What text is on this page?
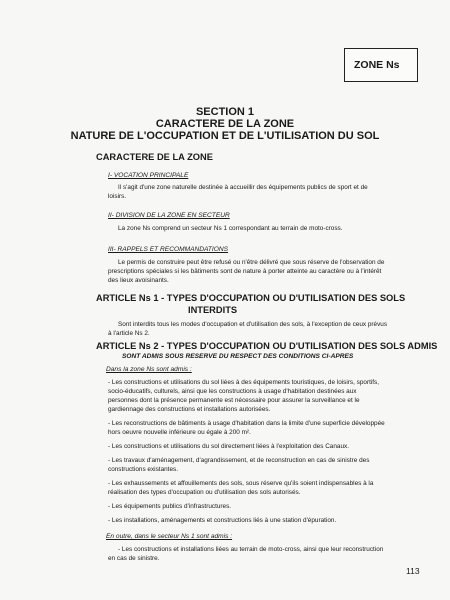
ZONE Ns
SECTION 1
CARACTERE DE LA ZONE
NATURE DE L'OCCUPATION ET DE L'UTILISATION DU SOL
CARACTERE DE LA ZONE
I- VOCATION PRINCIPALE
Il s'agit d'une zone naturelle destinée à accueillir des équipements publics de sport et de
loisirs.
II- DIVISION DE LA ZONE EN SECTEUR
La zone Ns comprend un secteur Ns 1 correspondant au terrain de moto-cross.
III- RAPPELS ET RECOMMANDATIONS
Le permis de construire peut être refusé ou n'être délivré que sous réserve de l'observation de
prescriptions spéciales si les bâtiments sont de nature à porter atteinte au caractère ou à l'intérêt
des lieux avoisinants.
ARTICLE Ns 1 - TYPES D'OCCUPATION OU D'UTILISATION DES SOLS
INTERDITS
Sont interdits tous les modes d'occupation et d'utilisation des sols, à l'exception de ceux prévus
à l'article Ns 2.
ARTICLE Ns 2 - TYPES D'OCCUPATION OU D'UTILISATION DES SOLS ADMIS
SONT ADMIS SOUS RESERVE DU RESPECT DES CONDITIONS CI-APRES
Dans la zone Ns sont admis :
- Les constructions et utilisations du sol liées à des équipements touristiques, de loisirs, sportifs,
socio-éducatifs, culturels, ainsi que les constructions à usage d'habitation destinées aux
personnes dont la présence permanente est nécessaire pour assurer la surveillance et le
gardiennage des constructions et installations autorisées.
- Les reconstructions de bâtiments à usage d'habitation dans la limite d'une superficie développée
hors oeuvre nouvelle inférieure ou égale à 200 m².
- Les constructions et utilisations du sol directement liées à l'exploitation des Canaux.
- Les travaux d'aménagement, d'agrandissement, et de reconstruction en cas de sinistre des
constructions existantes.
- Les exhaussements et affouillements des sols, sous réserve qu'ils soient indispensables à la
réalisation des types d'occupation ou d'utilisation des sols autorisés.
- Les équipements publics d'infrastructures.
- Les installations, aménagements et constructions liés à une station d'épuration.
En outre, dans le secteur Ns 1 sont admis :
- Les constructions et installations liées au terrain de moto-cross, ainsi que leur reconstruction
en cas de sinistre.
113
